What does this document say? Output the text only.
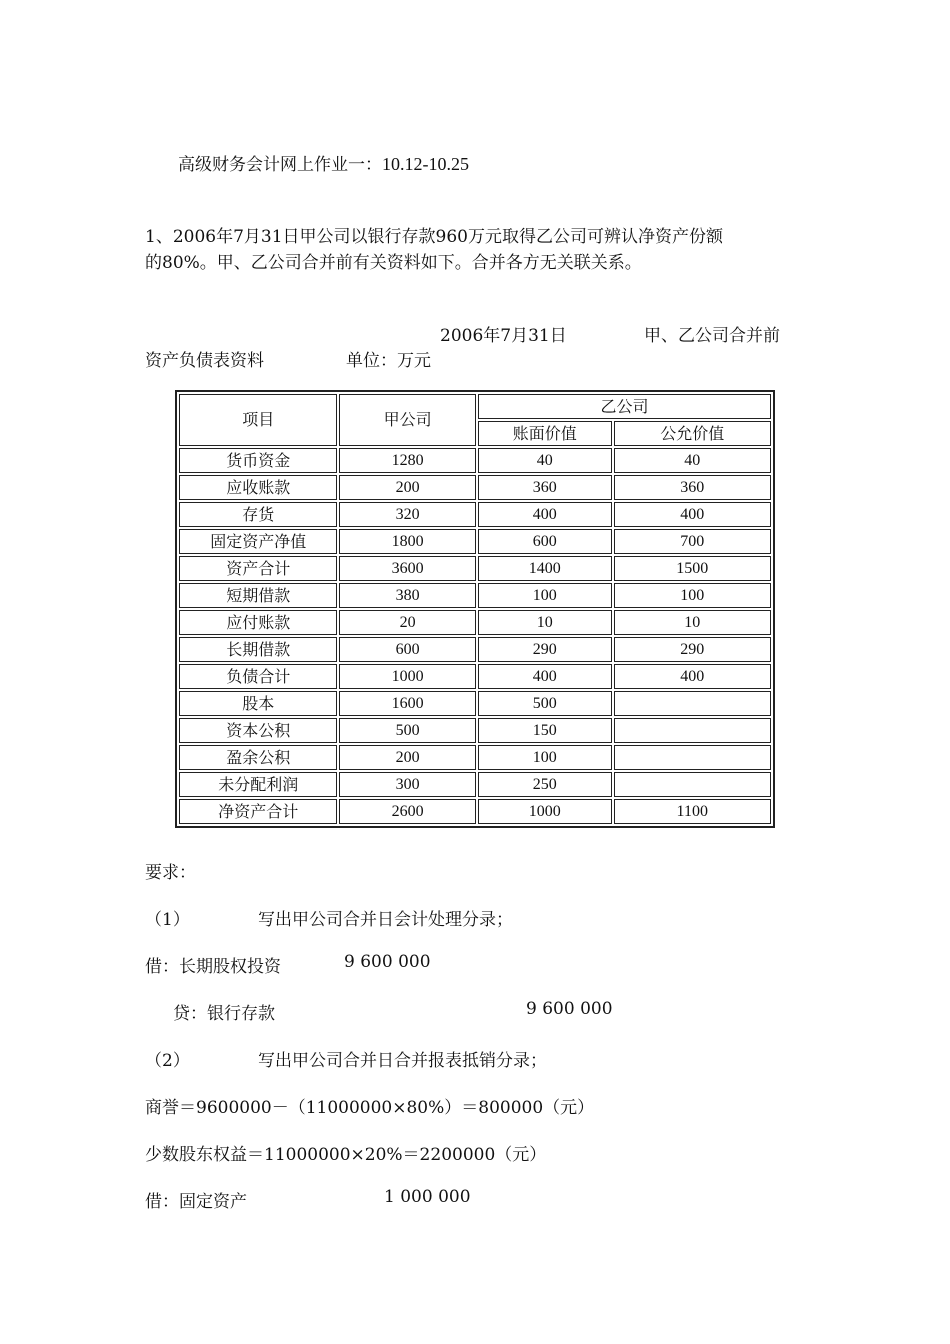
高级财务会计网上作业一：10.12-10.25
1、2006年7月31日甲公司以银行存款960万元取得乙公司可辨认净资产份额
的80%。甲、乙公司合并前有关资料如下。合并各方无关联关系。
2006年7月31日	甲、乙公司合并前
资产负债表资料	单位：万元
项目	甲公司	乙公司	
		账面价值	公允价值
货币资金	1280	40	40
应收账款	200	360	360
存货	320	400	400
固定资产净值	1800	600	700
资产合计	3600	1400	1500
短期借款	380	100	100
应付账款	20	10	10
长期借款	600	290	290
负债合计	1000	400	400
股本	1600	500	
资本公积	500	150	
盈余公积	200	100	
未分配利润	300	250	
净资产合计	2600	1000	1100
要求：
（1）	写出甲公司合并日会计处理分录；
借：长期股权投资	9 600 000
贷：银行存款	9 600 000
（2）	写出甲公司合并日合并报表抵销分录；
商誉＝9600000－（11000000×80%）＝800000（元）
少数股东权益＝11000000×20%＝2200000（元）
借：固定资产	1 000 000
